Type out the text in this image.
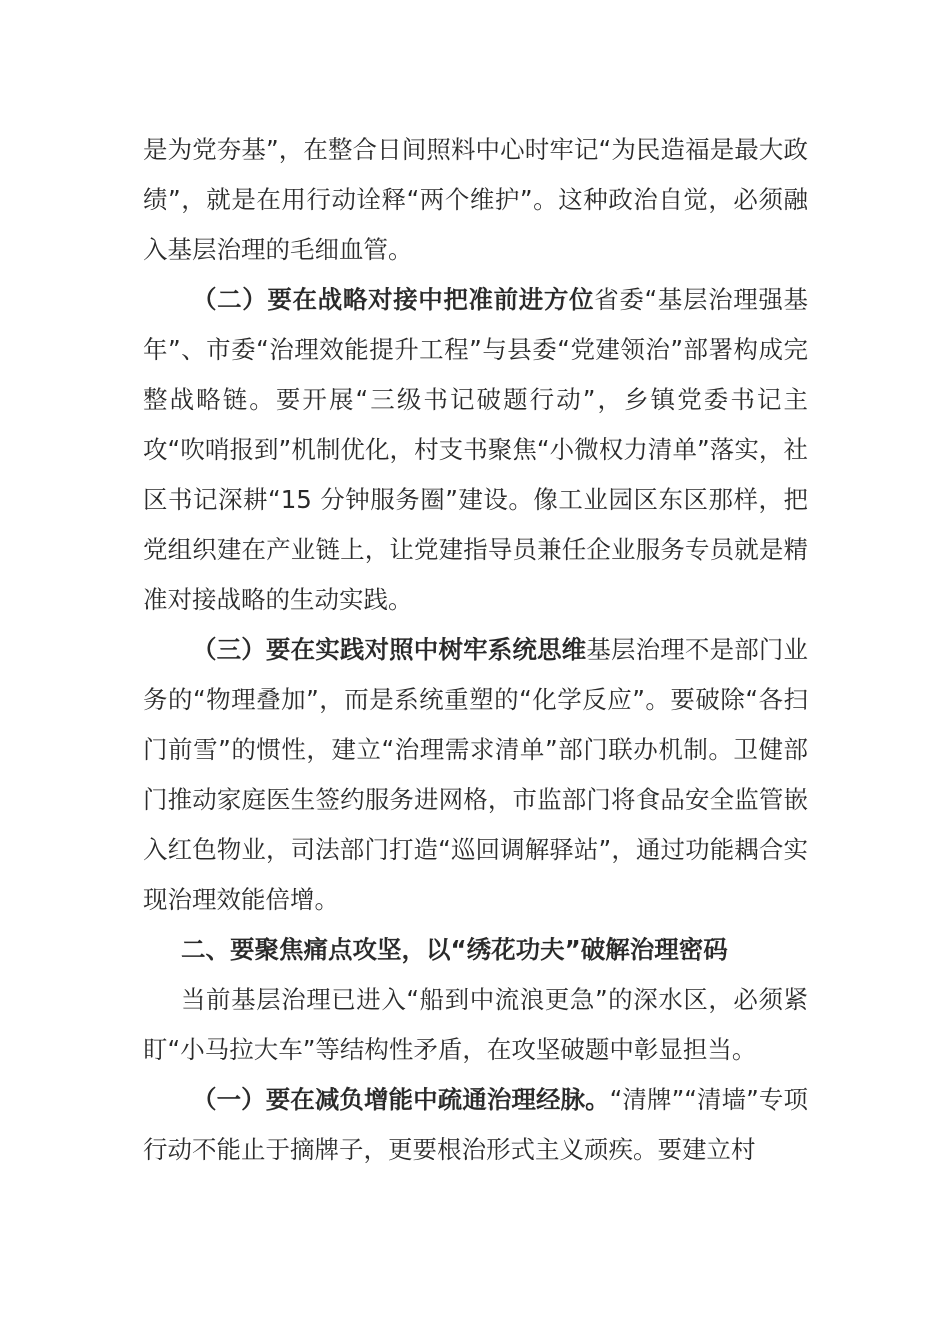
是为党夯基”，在整合日间照料中心时牢记“为民造福是最大政绩”，就是在用行动诠释“两个维护”。这种政治自觉，必须融入基层治理的毛细血管。

（二）要在战略对接中把准前进方位省委“基层治理强基年”、市委“治理效能提升工程”与县委“党建领治”部署构成完整战略链。要开展“三级书记破题行动”，乡镇党委书记主攻“吹哨报到”机制优化，村支书聚焦“小微权力清单”落实，社区书记深耕“15 分钟服务圈”建设。像工业园区东区那样，把党组织建在产业链上，让党建指导员兼任企业服务专员就是精准对接战略的生动实践。

（三）要在实践对照中树牢系统思维基层治理不是部门业务的“物理叠加”，而是系统重塑的“化学反应”。要破除“各扫门前雪”的惯性，建立“治理需求清单”部门联办机制。卫健部门推动家庭医生签约服务进网格，市监部门将食品安全监管嵌入红色物业，司法部门打造“巡回调解驿站”，通过功能耦合实现治理效能倍增。

二、要聚焦痛点攻坚，以“绣花功夫”破解治理密码

当前基层治理已进入“船到中流浪更急”的深水区，必须紧盯“小马拉大车”等结构性矛盾，在攻坚破题中彰显担当。

（一）要在减负增能中疏通治理经脉。“清牌”“清墙”专项行动不能止于摘牌子，更要根治形式主义顽疾。要建立村
